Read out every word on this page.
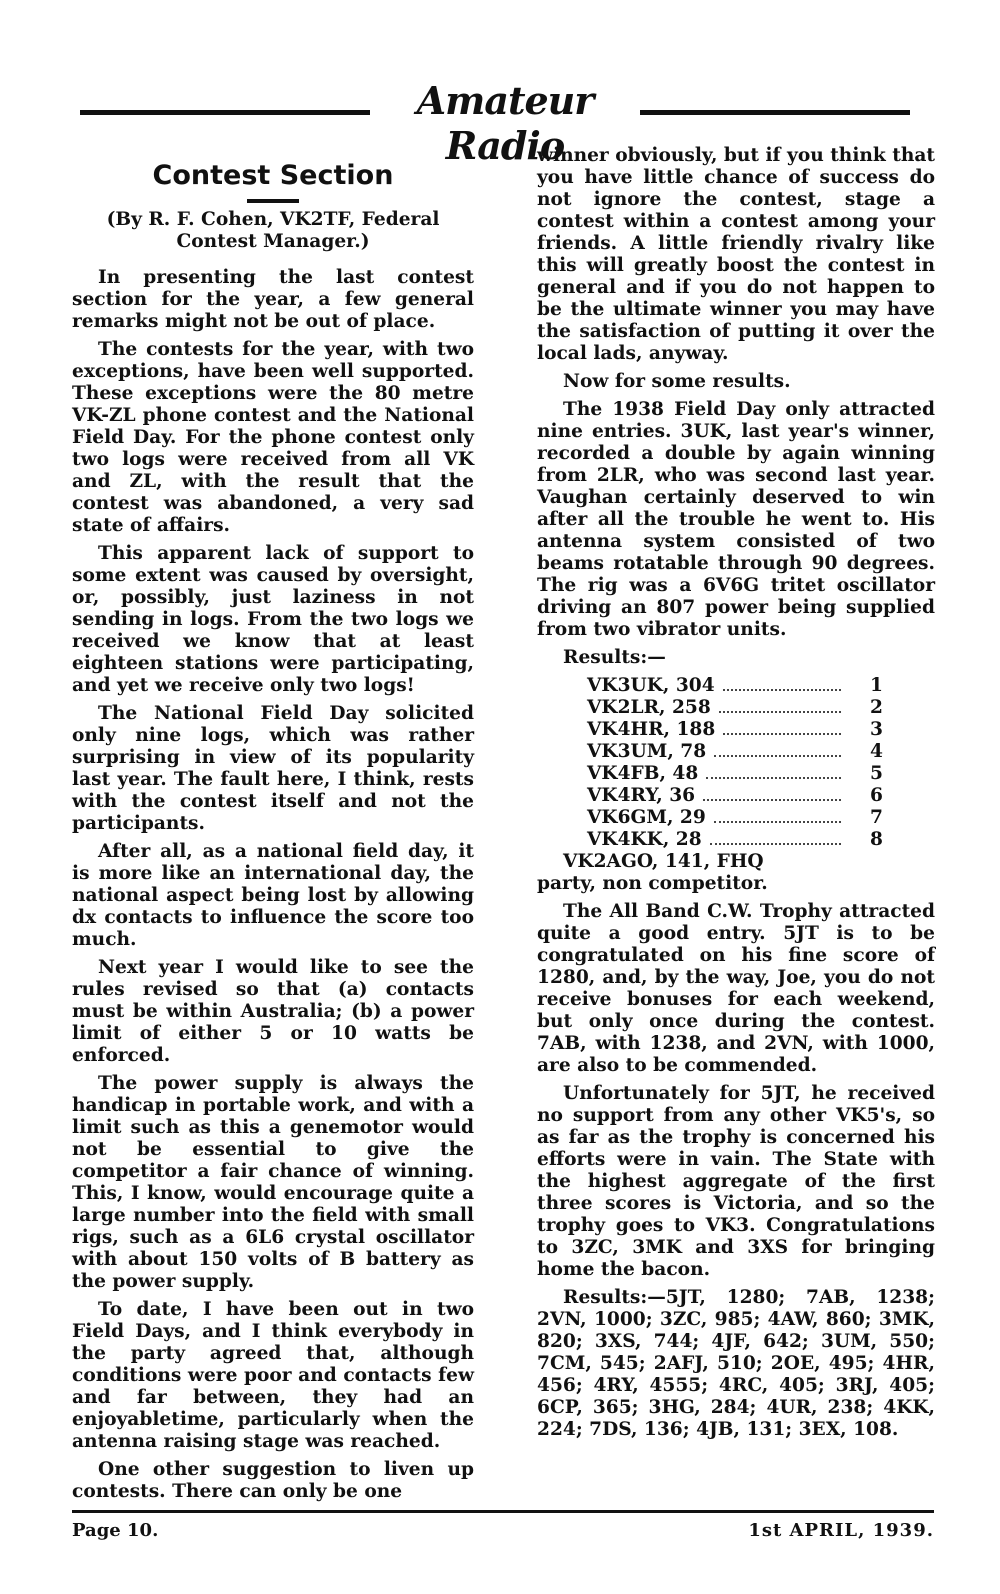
Amateur Radio
Contest Section
(By R. F. Cohen, VK2TF, Federal
Contest Manager.)

In presenting the last contest section for the year, a few general remarks might not be out of place.

The contests for the year, with two exceptions, have been well supported. These exceptions were the 80 metre VK-ZL phone contest and the National Field Day. For the phone contest only two logs were received from all VK and ZL, with the result that the contest was abandoned, a very sad state of affairs.

This apparent lack of support to some extent was caused by oversight, or, possibly, just laziness in not sending in logs. From the two logs we received we know that at least eighteen stations were participating, and yet we receive only two logs!

The National Field Day solicited only nine logs, which was rather surprising in view of its popularity last year. The fault here, I think, rests with the contest itself and not the participants.

After all, as a national field day, it is more like an international day, the national aspect being lost by allowing dx contacts to influence the score too much.

Next year I would like to see the rules revised so that (a) contacts must be within Australia; (b) a power limit of either 5 or 10 watts be enforced.

The power supply is always the handicap in portable work, and with a limit such as this a genemotor would not be essential to give the competitor a fair chance of winning. This, I know, would encourage quite a large number into the field with small rigs, such as a 6L6 crystal oscillator with about 150 volts of B battery as the power supply.

To date, I have been out in two Field Days, and I think everybody in the party agreed that, although conditions were poor and contacts few and far between, they had an enjoyabletime, particularly when the antenna raising stage was reached.

One other suggestion to liven up contests. There can only be one

winner obviously, but if you think that you have little chance of success do not ignore the contest, stage a contest within a contest among your friends. A little friendly rivalry like this will greatly boost the contest in general and if you do not happen to be the ultimate winner you may have the satisfaction of putting it over the local lads, anyway.

Now for some results.

The 1938 Field Day only attracted nine entries. 3UK, last year's winner, recorded a double by again winning from 2LR, who was second last year. Vaughan certainly deserved to win after all the trouble he went to. His antenna system consisted of two beams rotatable through 90 degrees. The rig was a 6V6G tritet oscillator driving an 807 power being supplied from two vibrator units.

Results:—

VK3UK, 304	1
VK2LR, 258	2
VK4HR, 188	3
VK3UM, 78	4
VK4FB, 48	5
VK4RY, 36	6
VK6GM, 29	7
VK4KK, 28	8

VK2AGO, 141, FHQ
party, non competitor.

The All Band C.W. Trophy attracted quite a good entry. 5JT is to be congratulated on his fine score of 1280, and, by the way, Joe, you do not receive bonuses for each weekend, but only once during the contest. 7AB, with 1238, and 2VN, with 1000, are also to be commended.

Unfortunately for 5JT, he received no support from any other VK5's, so as far as the trophy is concerned his efforts were in vain. The State with the highest aggregate of the first three scores is Victoria, and so the trophy goes to VK3. Congratulations to 3ZC, 3MK and 3XS for bringing home the bacon.

Results:—5JT, 1280; 7AB, 1238; 2VN, 1000; 3ZC, 985; 4AW, 860; 3MK, 820; 3XS, 744; 4JF, 642; 3UM, 550; 7CM, 545; 2AFJ, 510; 2OE, 495; 4HR, 456; 4RY, 4555; 4RC, 405; 3RJ, 405; 6CP, 365; 3HG, 284; 4UR, 238; 4KK, 224; 7DS, 136; 4JB, 131; 3EX, 108.

Page 10.	1st APRIL, 1939.
